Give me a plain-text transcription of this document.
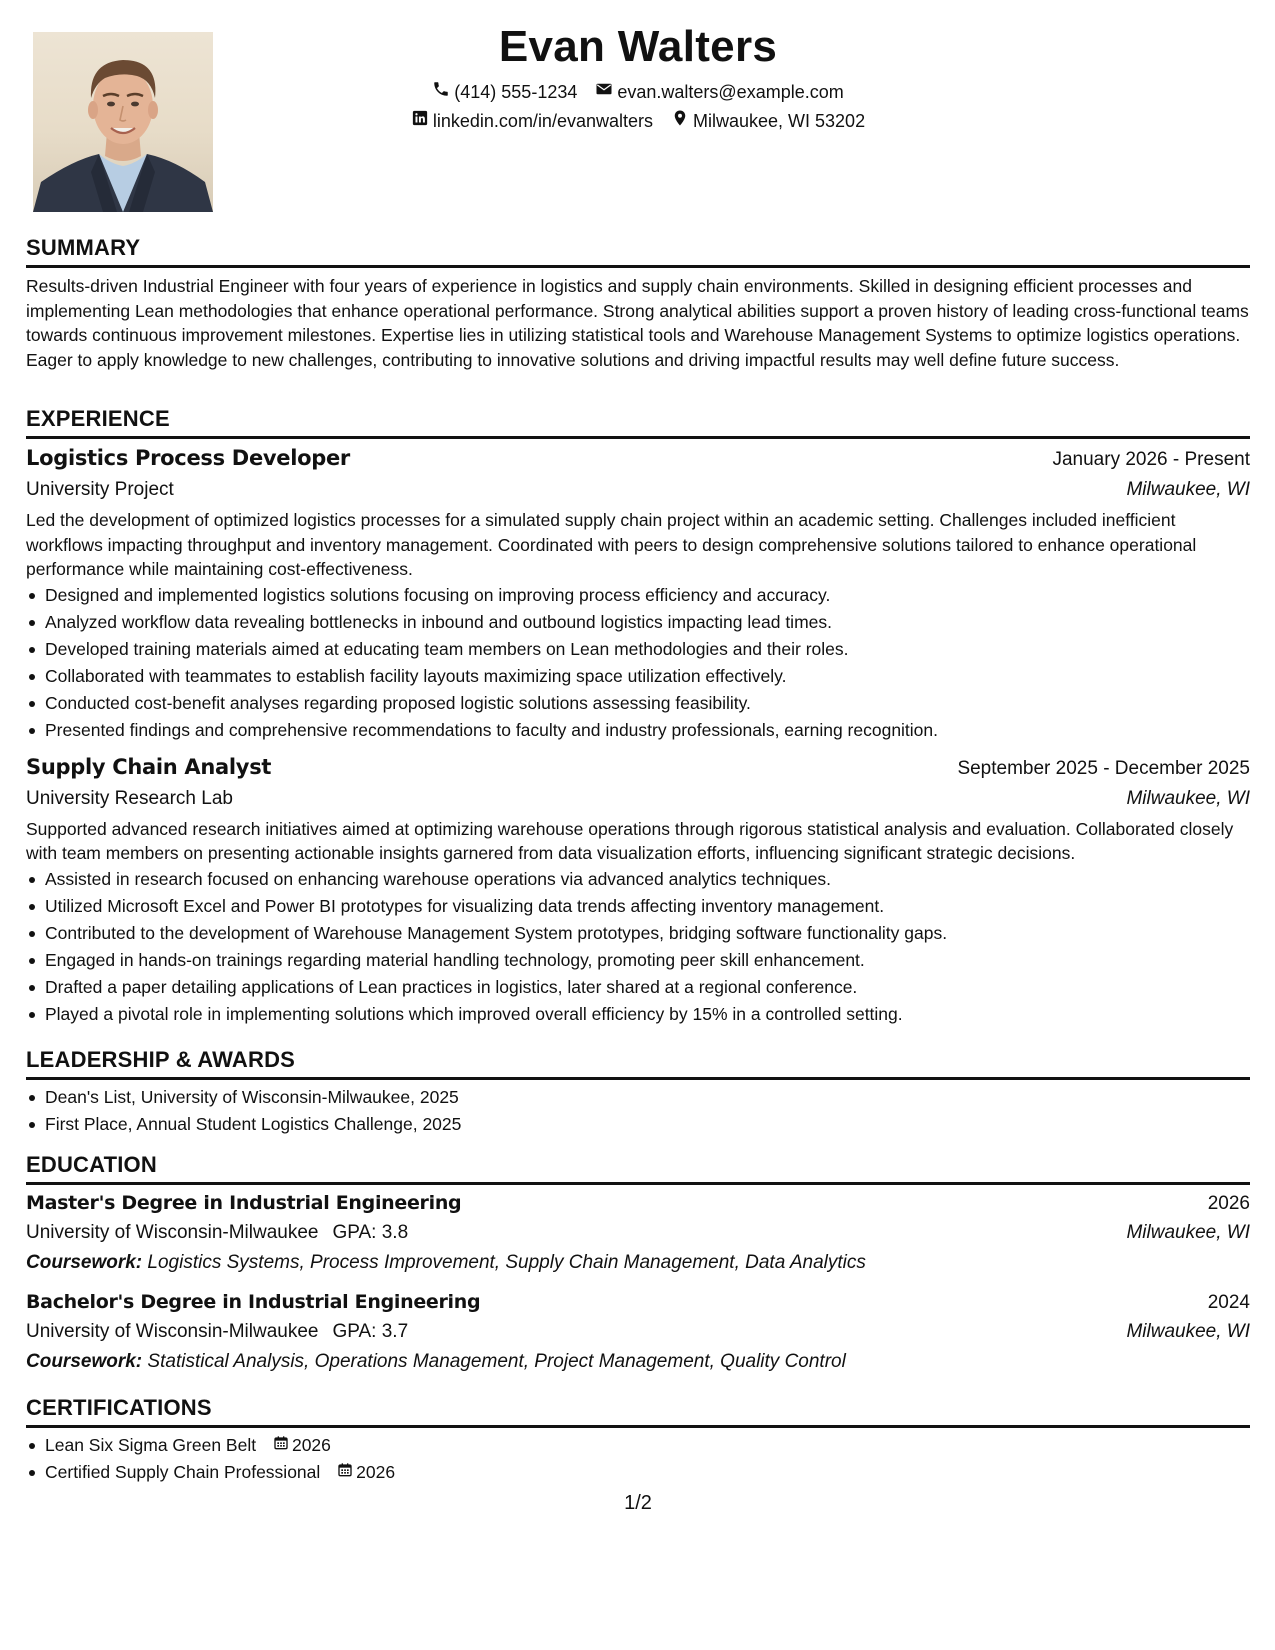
Evan Walters
(414) 555-1234 evan.walters@example.com
linkedin.com/in/evanwalters Milwaukee, WI 53202
SUMMARY

Results-driven Industrial Engineer with four years of experience in logistics and supply chain environments. Skilled in designing efficient processes and implementing Lean methodologies that enhance operational performance. Strong analytical abilities support a proven history of leading cross-functional teams towards continuous improvement milestones. Expertise lies in utilizing statistical tools and Warehouse Management Systems to optimize logistics operations. Eager to apply knowledge to new challenges, contributing to innovative solutions and driving impactful results may well define future success.

EXPERIENCE
Logistics Process Developer	January 2026 - Present
University Project	Milwaukee, WI

Led the development of optimized logistics processes for a simulated supply chain project within an academic setting. Challenges included inefficient workflows impacting throughput and inventory management. Coordinated with peers to design comprehensive solutions tailored to enhance operational performance while maintaining cost-effectiveness.

Designed and implemented logistics solutions focusing on improving process efficiency and accuracy.
Analyzed workflow data revealing bottlenecks in inbound and outbound logistics impacting lead times.
Developed training materials aimed at educating team members on Lean methodologies and their roles.
Collaborated with teammates to establish facility layouts maximizing space utilization effectively.
Conducted cost-benefit analyses regarding proposed logistic solutions assessing feasibility.
Presented findings and comprehensive recommendations to faculty and industry professionals, earning recognition.
Supply Chain Analyst	September 2025 - December 2025
University Research Lab	Milwaukee, WI

Supported advanced research initiatives aimed at optimizing warehouse operations through rigorous statistical analysis and evaluation. Collaborated closely with team members on presenting actionable insights garnered from data visualization efforts, influencing significant strategic decisions.

Assisted in research focused on enhancing warehouse operations via advanced analytics techniques.
Utilized Microsoft Excel and Power BI prototypes for visualizing data trends affecting inventory management.
Contributed to the development of Warehouse Management System prototypes, bridging software functionality gaps.
Engaged in hands-on trainings regarding material handling technology, promoting peer skill enhancement.
Drafted a paper detailing applications of Lean practices in logistics, later shared at a regional conference.
Played a pivotal role in implementing solutions which improved overall efficiency by 15% in a controlled setting.
LEADERSHIP & AWARDS
Dean's List, University of Wisconsin-Milwaukee, 2025
First Place, Annual Student Logistics Challenge, 2025
EDUCATION
Master's Degree in Industrial Engineering	2026
University of Wisconsin-Milwaukee GPA: 3.8	Milwaukee, WI
Coursework: Logistics Systems, Process Improvement, Supply Chain Management, Data Analytics
Bachelor's Degree in Industrial Engineering	2024
University of Wisconsin-Milwaukee GPA: 3.7	Milwaukee, WI
Coursework: Statistical Analysis, Operations Management, Project Management, Quality Control
CERTIFICATIONS
Lean Six Sigma Green Belt 2026
Certified Supply Chain Professional 2026
1/2
